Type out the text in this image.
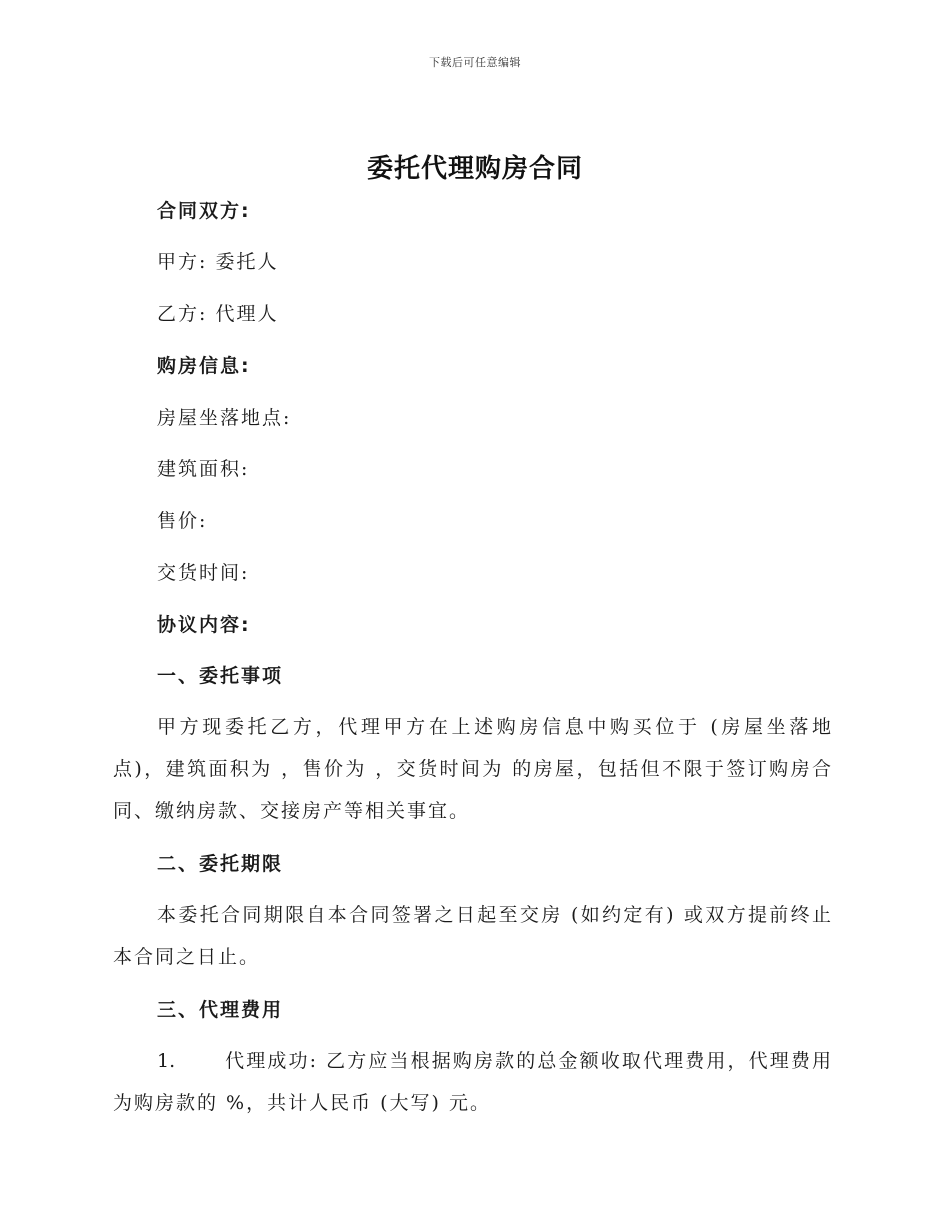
下载后可任意编辑
委托代理购房合同
合同双方:
甲方: 委托人
乙方: 代理人
购房信息:
房屋坐落地点:
建筑面积:
售价:
交货时间:
协议内容:
一、委托事项
甲方现委托乙方，代理甲方在上述购房信息中购买位于 (房屋坐落地点)，建筑面积为 ，售价为 ，交货时间为 的房屋，包括但不限于签订购房合同、缴纳房款、交接房产等相关事宜。
二、委托期限
本委托合同期限自本合同签署之日起至交房 (如约定有) 或双方提前终止本合同之日止。
三、代理费用
1.	代理成功: 乙方应当根据购房款的总金额收取代理费用，代理费用为购房款的 %，共计人民币 (大写) 元。
